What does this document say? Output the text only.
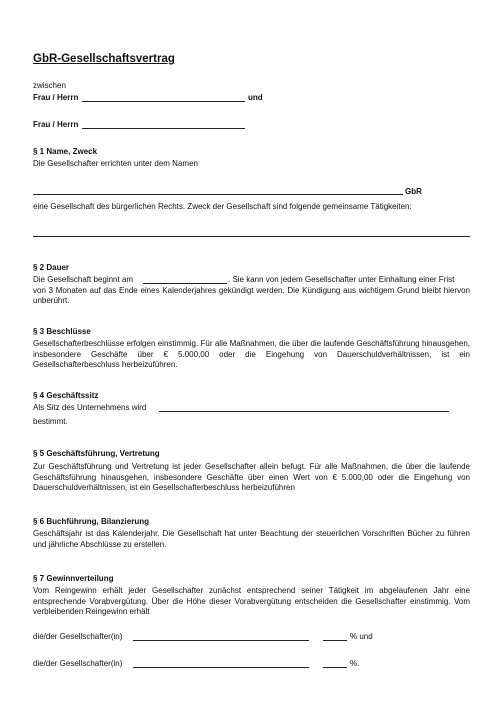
GbR-Gesellschaftsvertrag
zwischen
Frau / Herrn	und
Frau / Herrn
§ 1 Name, Zweck
Die Gesellschafter errichten unter dem Namen
GbR
eine Gesellschaft des bürgerlichen Rechts. Zweck der Gesellschaft sind folgende gemeinsame Tätigkeiten:
§ 2 Dauer
Die Gesellschaft beginnt am	. Sie kann von jedem Gesellschafter unter Einhaltung einer Frist
von 3 Monaten auf das Ende eines Kalenderjahres gekündigt werden. Die Kündigung aus wichtigem Grund bleibt hiervon unberührt.
§ 3 Beschlüsse
Gesellschafterbeschlüsse erfolgen einstimmig. Für alle Maßnahmen, die über die laufende Geschäftsführung hinausgehen, insbesondere Geschäfte über € 5.000,00 oder die Eingehung von Dauerschuldverhältnissen, ist ein Gesellschafterbeschluss herbeizuführen.
§ 4 Geschäftssitz
Als Sitz des Unternehmens wird
bestimmt.
§ 5 Geschäftsführung, Vertretung
Zur Geschäftsführung und Vertretung ist jeder Gesellschafter allein befugt. Für alle Maßnahmen, die über die laufende Geschäftsführung hinausgehen, insbesondere Geschäfte über einen Wert von € 5.000,00 oder die Eingehung von Dauerschuldverhältnissen, ist ein Gesellschafterbeschluss herbeizuführen
§ 6 Buchführung, Bilanzierung
Geschäftsjahr ist das Kalenderjahr. Die Gesellschaft hat unter Beachtung der steuerlichen Vorschriften Bücher zu führen und jährliche Abschlüsse zu erstellen.
§ 7 Gewinnverteilung
Vom Reingewinn erhält jeder Gesellschafter zunächst entsprechend seiner Tätigkeit im abgelaufenen Jahr eine entsprechende Vorabvergütung. Über die Höhe dieser Vorabvergütung entscheiden die Gesellschafter einstimmig. Vom verbleibenden Reingewinn erhält
die/der Gesellschafter(in)	% und
die/der Gesellschafter(in)	%.
